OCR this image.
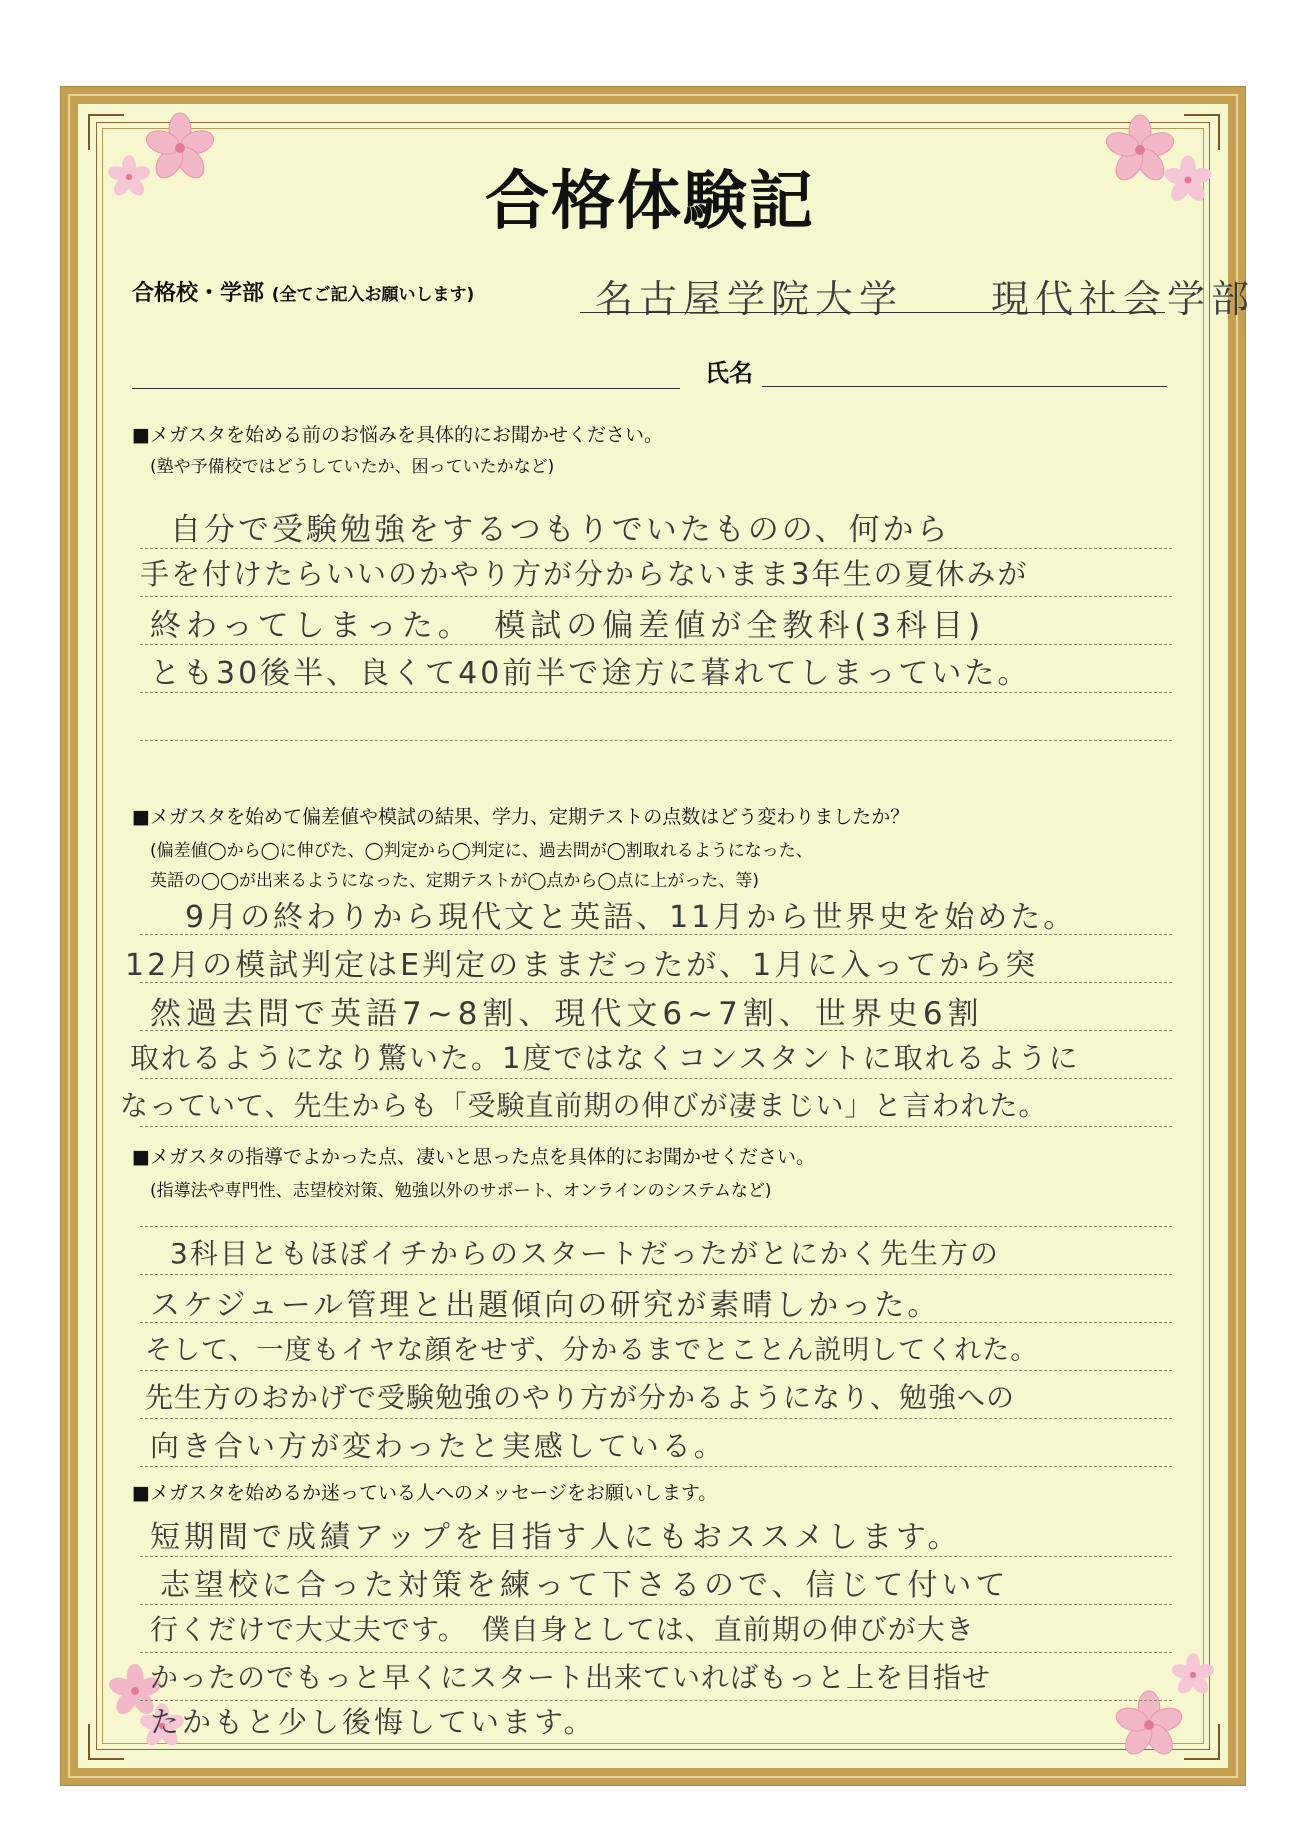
合格体験記
合格校・学部 (全てご記入お願いします)	名古屋学院大学　　現代社会学部
氏名
■メガスタを始める前のお悩みを具体的にお聞かせください。
(塾や予備校ではどうしていたか、困っていたかなど)
自分で受験勉強をするつもりでいたものの、何から
手を付けたらいいのかやり方が分からないまま3年生の夏休みが
終わってしまった。　模試の偏差値が全教科(3科目)
とも30後半、良くて40前半で途方に暮れてしまっていた。
■メガスタを始めて偏差値や模試の結果、学力、定期テストの点数はどう変わりましたか？
(偏差値◯から◯に伸びた、◯判定から◯判定に、過去問が◯割取れるようになった、
英語の◯◯が出来るようになった、定期テストが◯点から◯点に上がった、等)
9月の終わりから現代文と英語、11月から世界史を始めた。
12月の模試判定はE判定のままだったが、1月に入ってから突
然過去問で英語7~8割、現代文6~7割、世界史6割
取れるようになり驚いた。1度ではなくコンスタントに取れるように
なっていて、先生からも「受験直前期の伸びが凄まじい」と言われた。
■メガスタの指導でよかった点、凄いと思った点を具体的にお聞かせください。
(指導法や専門性、志望校対策、勉強以外のサポート、オンラインのシステムなど)
3科目ともほぼイチからのスタートだったがとにかく先生方の
スケジュール管理と出題傾向の研究が素晴しかった。
そして、一度もイヤな顔をせず、分かるまでとことん説明してくれた。
先生方のおかげで受験勉強のやり方が分かるようになり、勉強への
向き合い方が変わったと実感している。
■メガスタを始めるか迷っている人へのメッセージをお願いします。
短期間で成績アップを目指す人にもおススメします。
志望校に合った対策を練って下さるので、信じて付いて
行くだけで大丈夫です。　僕自身としては、直前期の伸びが大き
かったのでもっと早くにスタート出来ていればもっと上を目指せ
たかもと少し後悔しています。
